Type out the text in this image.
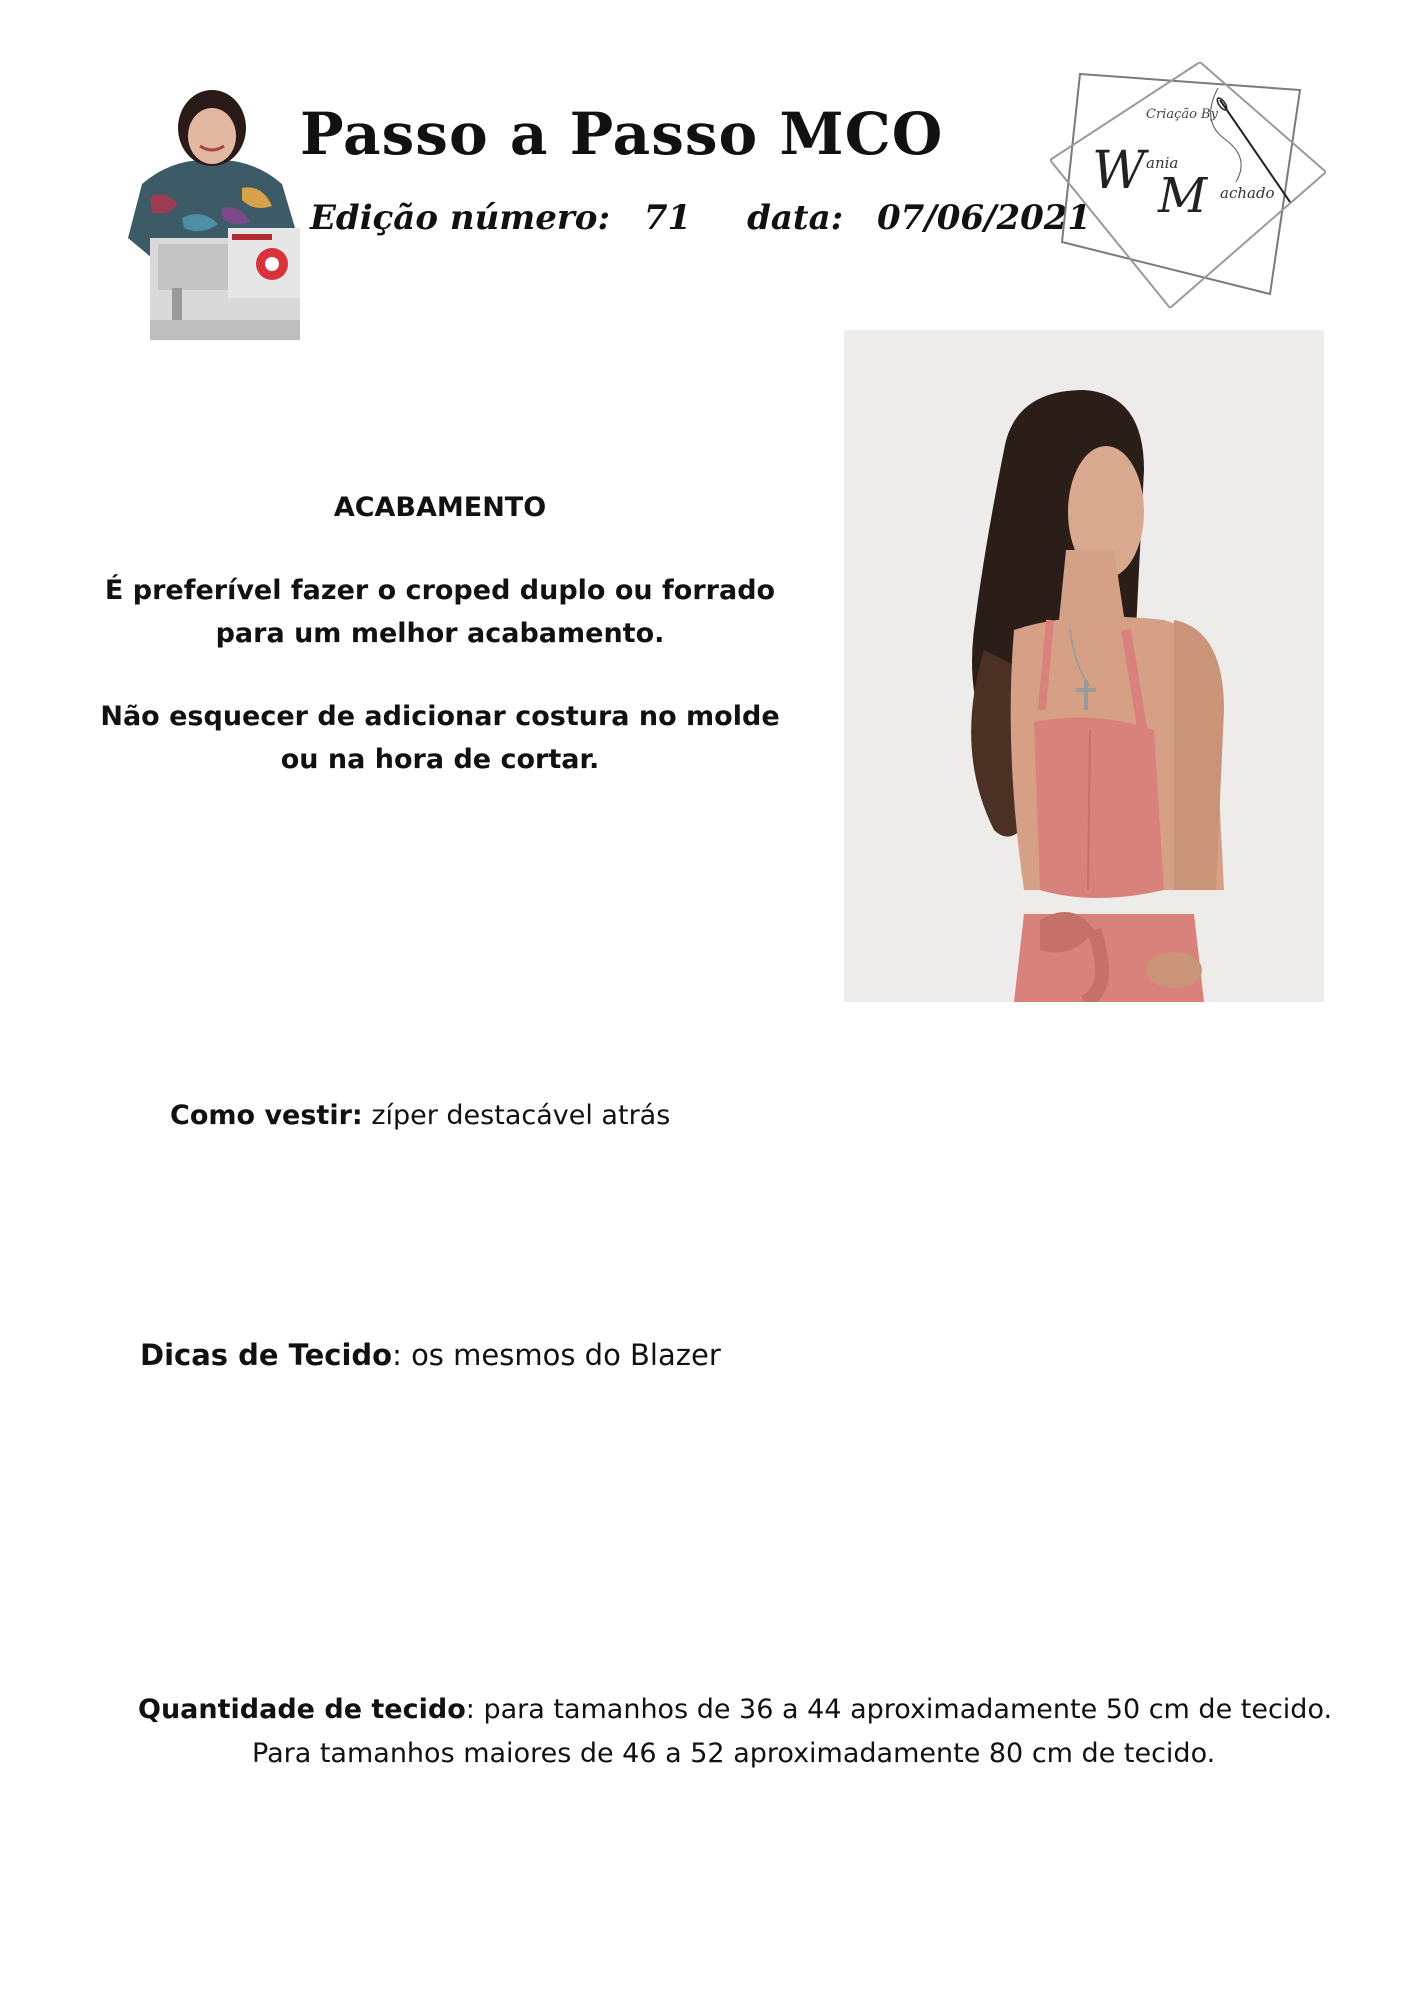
Passo a Passo MCO
Edição número: 71 data: 07/06/2021
Criação By
W ania
M achado

ACABAMENTO

É preferível fazer o croped duplo ou forrado

para um melhor acabamento.

Não esquecer de adicionar costura no molde

ou na hora de cortar.

Como vestir: zíper destacável atrás
Dicas de Tecido: os mesmos do Blazer
Quantidade de tecido: para tamanhos de 36 a 44 aproximadamente 50 cm de tecido.
Para tamanhos maiores de 46 a 52 aproximadamente 80 cm de tecido.
